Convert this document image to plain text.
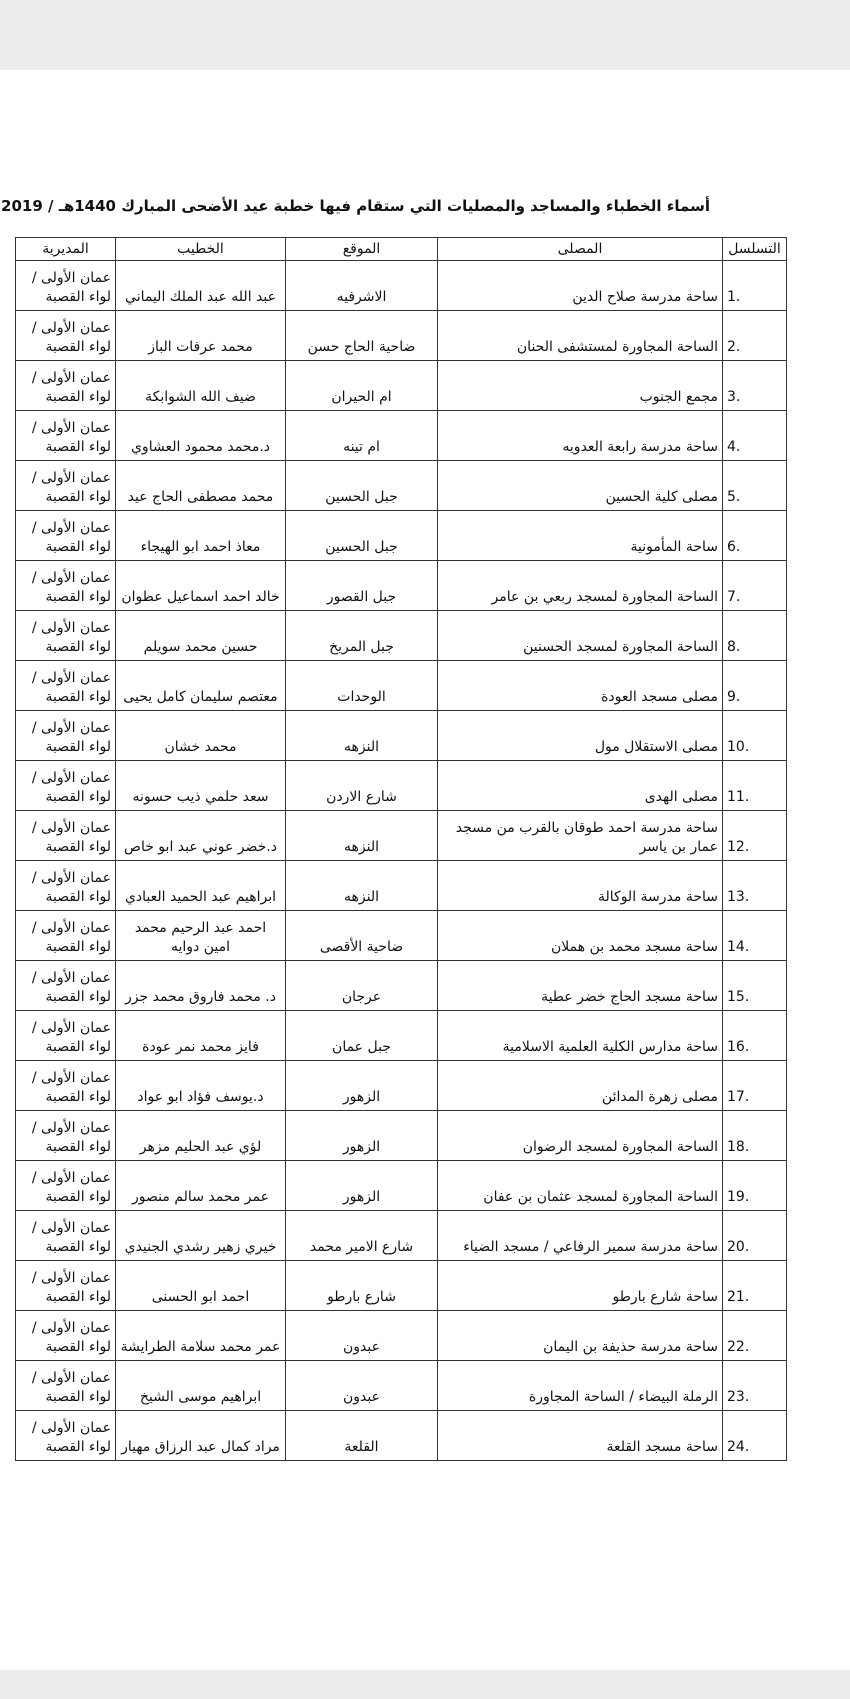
أسماء الخطباء والمساجد والمصليات التي ستقام فيها خطبة عيد الأضحى المبارك 1440هـ / 2019
التسلسل	المصلى	الموقع	الخطيب	المديرية
1.	ساحة مدرسة صلاح الدين	الاشرفيه	عبد الله عبد الملك اليماني	عمان الأولى /
لواء القصبة

2.	الساحة المجاورة لمستشفى الحنان	ضاحية الحاج حسن	محمد عرفات الباز	عمان الأولى /
لواء القصبة

3.	مجمع الجنوب	ام الحيران	ضيف الله الشوابكة	عمان الأولى /
لواء القصبة

4.	ساحة مدرسة رابعة العدويه	ام تينه	د.محمد محمود العشاوي	عمان الأولى /
لواء القصبة

5.	مصلى كلية الحسين	جبل الحسين	محمد مصطفى الحاج عيد	عمان الأولى /
لواء القصبة

6.	ساحة المأمونية	جبل الحسين	معاذ احمد ابو الهيجاء	عمان الأولى /
لواء القصبة

7.	الساحة المجاورة لمسجد ربعي بن عامر	جبل القصور	خالد احمد اسماعيل عطوان	عمان الأولى /
لواء القصبة

8.	الساحة المجاورة لمسجد الحسنين	جبل المريخ	حسين محمد سويلم	عمان الأولى /
لواء القصبة

9.	مصلى مسجد العودة	الوحدات	معتصم سليمان كامل يحيى	عمان الأولى /
لواء القصبة

10.	مصلى الاستقلال مول	النزهه	محمد خشان	عمان الأولى /
لواء القصبة

11.	مصلى الهدى	شارع الاردن	سعد حلمي ذيب حسونه	عمان الأولى /
لواء القصبة

12.	ساحة مدرسة احمد طوقان بالقرب من مسجد عمار بن ياسر	النزهه	د.خضر عوني عبد ابو خاص	عمان الأولى /
لواء القصبة

13.	ساحة مدرسة الوكالة	النزهه	ابراهيم عبد الحميد العبادي	عمان الأولى /
لواء القصبة

14.	ساحة مسجد محمد بن هملان	ضاحية الأقصى	احمد عبد الرحيم محمد امين دوايه	عمان الأولى /
لواء القصبة

15.	ساحة مسجد الحاج خضر عطية	عرجان	د. محمد فاروق محمد جزر	عمان الأولى /
لواء القصبة

16.	ساحة مدارس الكلية العلمية الاسلامية	جبل عمان	فايز محمد نمر عودة	عمان الأولى /
لواء القصبة

17.	مصلى زهرة المدائن	الزهور	د.يوسف فؤاد ابو عواد	عمان الأولى /
لواء القصبة

18.	الساحة المجاورة لمسجد الرضوان	الزهور	لؤي عبد الحليم مزهر	عمان الأولى /
لواء القصبة

19.	الساحة المجاورة لمسجد عثمان بن عفان	الزهور	عمر محمد سالم منصور	عمان الأولى /
لواء القصبة

20.	ساحة مدرسة سمير الرفاعي / مسجد الضياء	شارع الامير محمد	خيري زهير رشدي الجنيدي	عمان الأولى /
لواء القصبة

21.	ساحة شارع بارطو	شارع بارطو	احمد ابو الحسنى	عمان الأولى /
لواء القصبة

22.	ساحة مدرسة حذيفة بن اليمان	عبدون	عمر محمد سلامة الطرايشة	عمان الأولى /
لواء القصبة

23.	الرملة البيضاء / الساحة المجاورة	عبدون	ابراهيم موسى الشيخ	عمان الأولى /
لواء القصبة

24.	ساحة مسجد القلعة	القلعة	مراد كمال عبد الرزاق مهيار	عمان الأولى /
لواء القصبة
